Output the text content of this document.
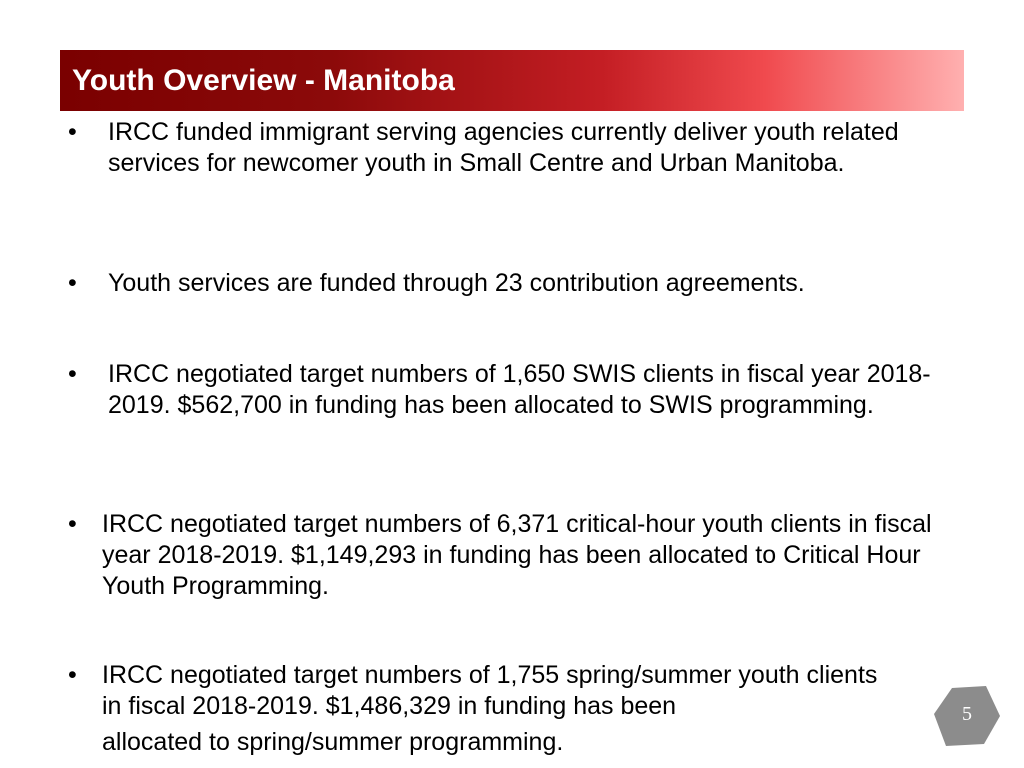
Youth Overview - Manitoba
• IRCC funded immigrant serving agencies currently deliver youth related services for newcomer youth in Small Centre and Urban Manitoba.
• Youth services are funded through 23 contribution agreements.
• IRCC negotiated target numbers of 1,650 SWIS clients in fiscal year 2018-2019. $562,700 in funding has been allocated to SWIS programming.
• IRCC negotiated target numbers of 6,371 critical-hour youth clients in fiscal year 2018-2019. $1,149,293 in funding has been allocated to Critical Hour Youth Programming.
• IRCC negotiated target numbers of 1,755 spring/summer youth clients in fiscal 2018-2019. $1,486,329 in funding has been
allocated to spring/summer programming.
5
